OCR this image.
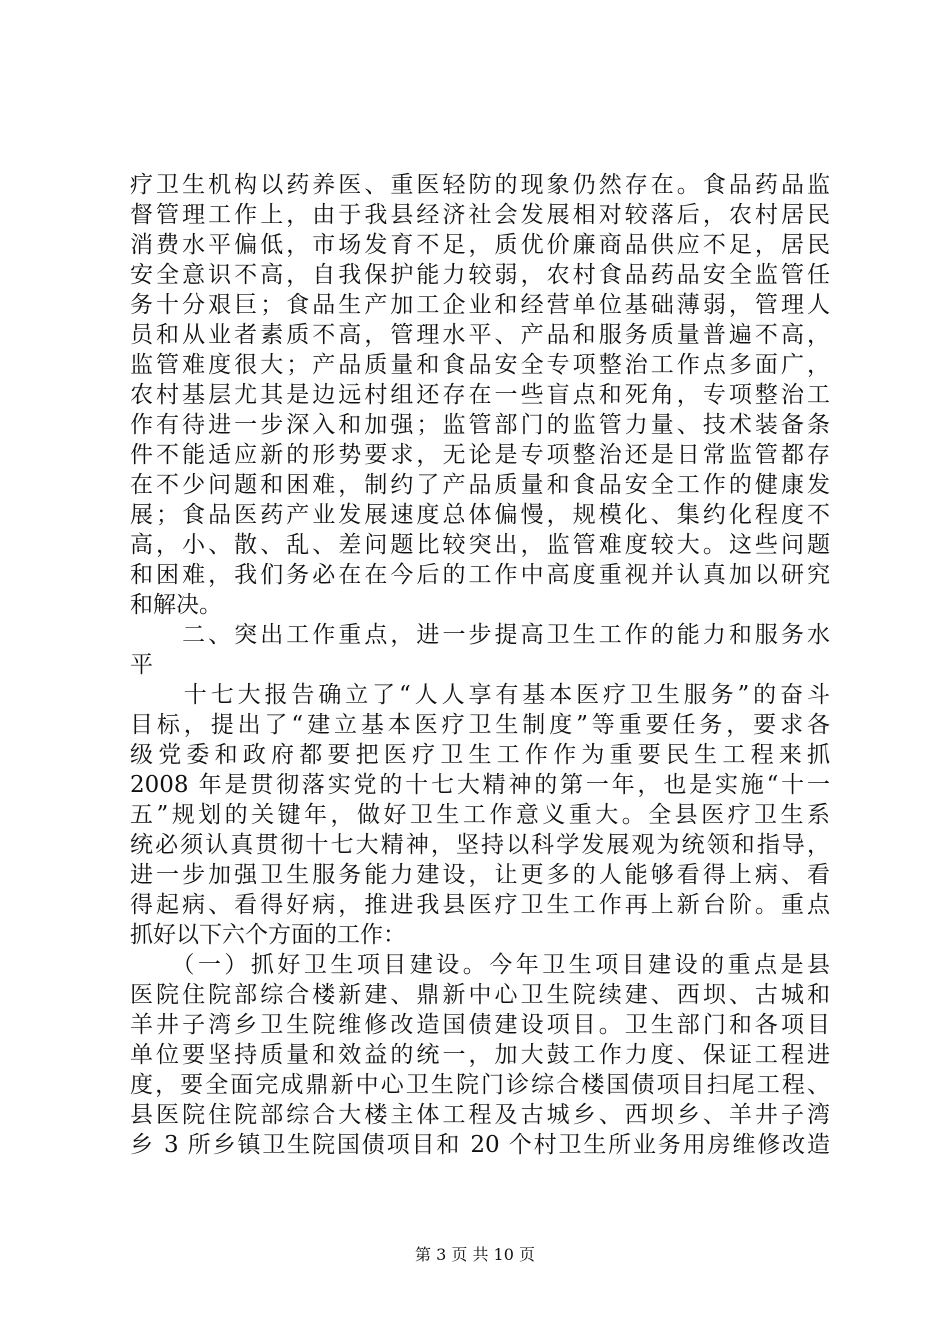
疗卫生机构以药养医、重医轻防的现象仍然存在。食品药品监
督管理工作上，由于我县经济社会发展相对较落后，农村居民
消费水平偏低，市场发育不足，质优价廉商品供应不足，居民
安全意识不高，自我保护能力较弱，农村食品药品安全监管任
务十分艰巨；食品生产加工企业和经营单位基础薄弱，管理人
员和从业者素质不高，管理水平、产品和服务质量普遍不高，
监管难度很大；产品质量和食品安全专项整治工作点多面广，
农村基层尤其是边远村组还存在一些盲点和死角，专项整治工
作有待进一步深入和加强；监管部门的监管力量、技术装备条
件不能适应新的形势要求，无论是专项整治还是日常监管都存
在不少问题和困难，制约了产品质量和食品安全工作的健康发
展；食品医药产业发展速度总体偏慢，规模化、集约化程度不
高，小、散、乱、差问题比较突出，监管难度较大。这些问题
和困难，我们务必在在今后的工作中高度重视并认真加以研究
和解决。
　　二、突出工作重点，进一步提高卫生工作的能力和服务水
平
　　十七大报告确立了“人人享有基本医疗卫生服务”的奋斗
目标，提出了“建立基本医疗卫生制度”等重要任务，要求各
级党委和政府都要把医疗卫生工作作为重要民生工程来抓
2008 年是贯彻落实党的十七大精神的第一年，也是实施“十一
五”规划的关键年，做好卫生工作意义重大。全县医疗卫生系
统必须认真贯彻十七大精神，坚持以科学发展观为统领和指导，
进一步加强卫生服务能力建设，让更多的人能够看得上病、看
得起病、看得好病，推进我县医疗卫生工作再上新台阶。重点
抓好以下六个方面的工作：
　　（一）抓好卫生项目建设。今年卫生项目建设的重点是县
医院住院部综合楼新建、鼎新中心卫生院续建、西坝、古城和
羊井子湾乡卫生院维修改造国债建设项目。卫生部门和各项目
单位要坚持质量和效益的统一，加大鼓工作力度、保证工程进
度，要全面完成鼎新中心卫生院门诊综合楼国债项目扫尾工程、
县医院住院部综合大楼主体工程及古城乡、西坝乡、羊井子湾
乡 3 所乡镇卫生院国债项目和 20 个村卫生所业务用房维修改造
第 3 页 共 10 页
